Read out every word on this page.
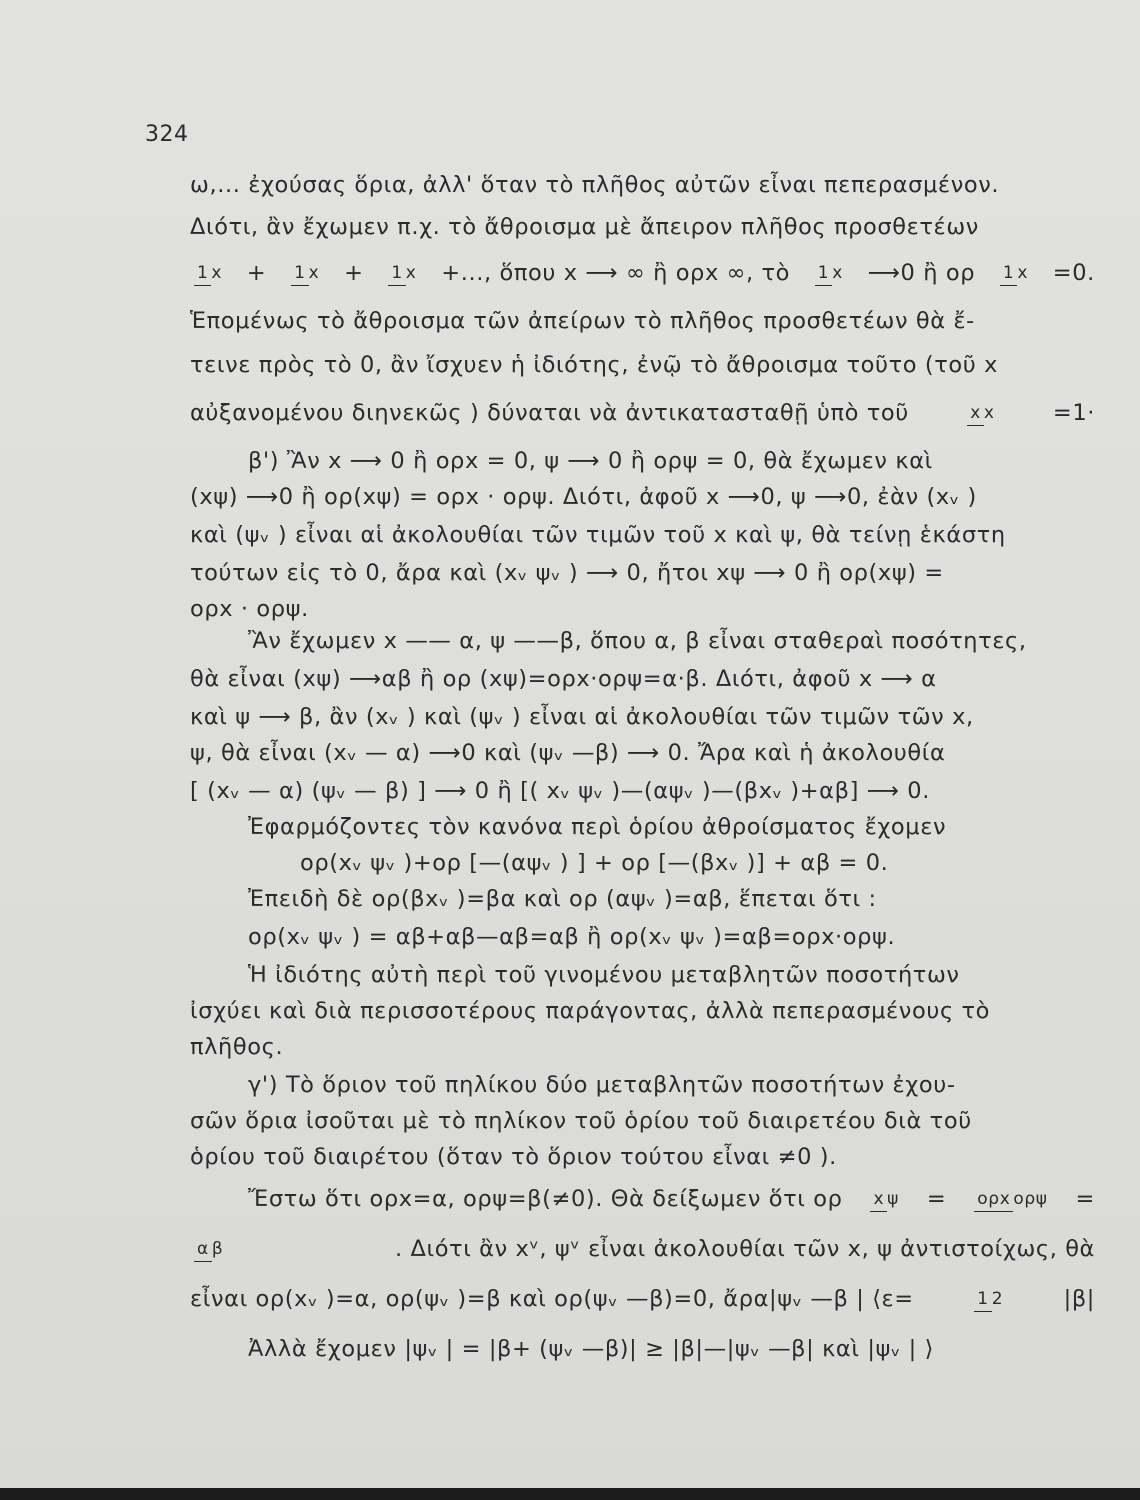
324
ω,... ἐχούσας ὅρια, ἀλλ' ὅταν τὸ πλῆθος αὐτῶν εἶναι πεπερασμένον.
Διότι, ἂν ἔχωμεν π.χ. τὸ ἄθροισμα μὲ ἄπειρον πλῆθος προσθετέων
1 x + 1 x + 1 x +..., ὅπου x ⟶ ∞ ἢ ορx ∞, τὸ 1 x ⟶0 ἢ ορ 1 x =0.
Ἑπομένως τὸ ἄθροισμα τῶν ἀπείρων τὸ πλῆθος προσθετέων θὰ ἔ-
τεινε πρὸς τὸ 0, ἂν ἴσχυεν ἡ ἰδιότης, ἐνῷ τὸ ἄθροισμα τοῦτο (τοῦ x
αὐξανομένου διηνεκῶς ) δύναται νὰ ἀντικατασταθῇ ὑπὸ τοῦ	x x	=1·
β') Ἂν x ⟶ 0 ἢ ορx = 0, ψ ⟶ 0 ἢ ορψ = 0, θὰ ἔχωμεν καὶ
(xψ) ⟶0 ἢ ορ(xψ) = ορx · ορψ. Διότι, ἀφοῦ x ⟶0, ψ ⟶0, ἐὰν (xᵥ )
καὶ (ψᵥ ) εἶναι αἱ ἀκολουθίαι τῶν τιμῶν τοῦ x καὶ ψ, θὰ τείνῃ ἑκάστη
τούτων εἰς τὸ 0, ἄρα καὶ (xᵥ ψᵥ ) ⟶ 0, ἤτοι xψ ⟶ 0 ἢ ορ(xψ) =
ορx · ορψ.
Ἂν ἔχωμεν x —— α, ψ ——β, ὅπου α, β εἶναι σταθεραὶ ποσότητες,
θὰ εἶναι (xψ) ⟶αβ ἢ ορ (xψ)=ορx·ορψ=α·β. Διότι, ἀφοῦ x ⟶ α
καὶ ψ ⟶ β, ἂν (xᵥ ) καὶ (ψᵥ ) εἶναι αἱ ἀκολουθίαι τῶν τιμῶν τῶν x,
ψ, θὰ εἶναι (xᵥ — α) ⟶0 καὶ (ψᵥ —β) ⟶ 0. Ἄρα καὶ ἡ ἀκολουθία
[ (xᵥ — α) (ψᵥ — β) ] ⟶ 0 ἢ [( xᵥ ψᵥ )—(αψᵥ )—(βxᵥ )+αβ] ⟶ 0.
Ἐφαρμόζοντες τὸν κανόνα περὶ ὁρίου ἀθροίσματος ἔχομεν
ορ(xᵥ ψᵥ )+ορ [—(αψᵥ ) ] + ορ [—(βxᵥ )] + αβ = 0.
Ἐπειδὴ δὲ ορ(βxᵥ )=βα καὶ ορ (αψᵥ )=αβ, ἕπεται ὅτι :
ορ(xᵥ ψᵥ ) = αβ+αβ—αβ=αβ ἢ ορ(xᵥ ψᵥ )=αβ=ορx·ορψ.
Ἡ ἰδιότης αὐτὴ περὶ τοῦ γινομένου μεταβλητῶν ποσοτήτων
ἰσχύει καὶ διὰ περισσοτέρους παράγοντας, ἀλλὰ πεπερασμένους τὸ
πλῆθος.
γ') Τὸ ὅριον τοῦ πηλίκου δύο μεταβλητῶν ποσοτήτων ἐχου-
σῶν ὅρια ἰσοῦται μὲ τὸ πηλίκον τοῦ ὁρίου τοῦ διαιρετέου διὰ τοῦ
ὁρίου τοῦ διαιρέτου (ὅταν τὸ ὅριον τούτου εἶναι ≠0 ).
Ἔστω ὅτι ορx=α, ορψ=β(≠0). Θὰ δείξωμεν ὅτι ορ x ψ = ορx ορψ =
α β	. Διότι ἂν xᵛ, ψᵛ εἶναι ἀκολουθίαι τῶν x, ψ ἀντιστοίχως, θὰ
εἶναι ορ(xᵥ )=α, ορ(ψᵥ )=β καὶ ορ(ψᵥ —β)=0, ἄρα|ψᵥ —β | ⟨ε=	1 2	|β|
Ἀλλὰ ἔχομεν |ψᵥ | = |β+ (ψᵥ —β)| ≥ |β|—|ψᵥ —β| καὶ |ψᵥ | ⟩
